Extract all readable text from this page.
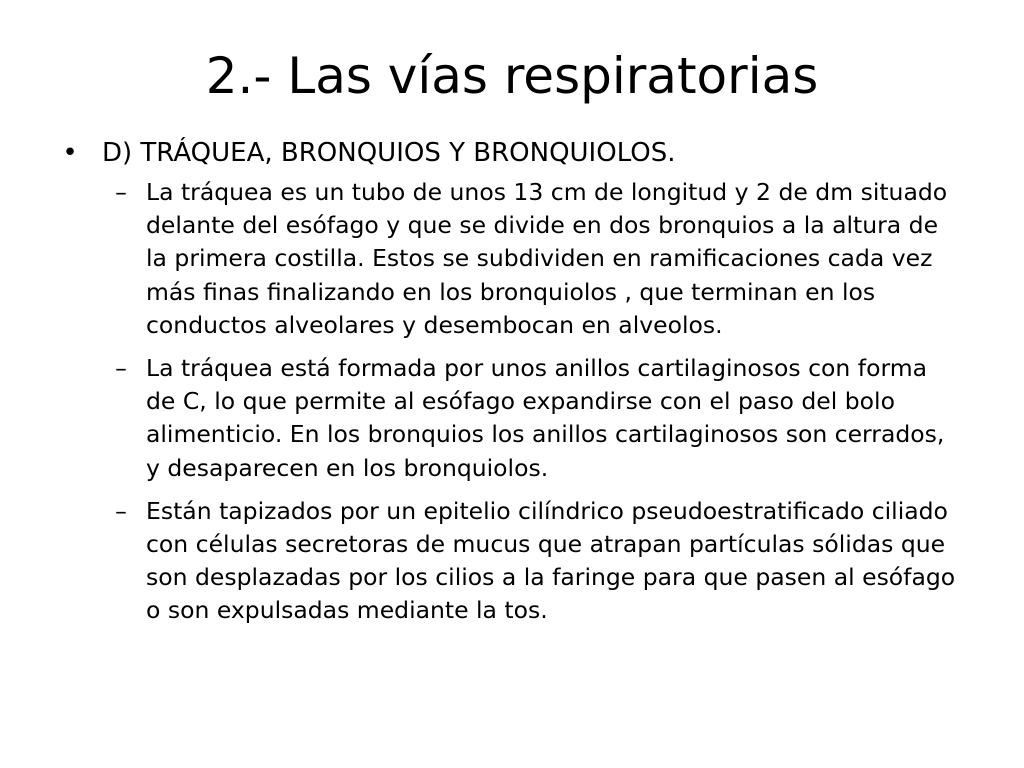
2.- Las vías respiratorias
• D) TRÁQUEA, BRONQUIOS Y BRONQUIOLOS.
– La tráquea es un tubo de unos 13 cm de longitud y 2 de dm situado delante del esófago y que se divide en dos bronquios a la altura de la primera costilla. Estos se subdividen en ramificaciones cada vez más finas finalizando en los bronquiolos , que terminan en los conductos alveolares y desembocan en alveolos.
– La tráquea está formada por unos anillos cartilaginosos con forma de C, lo que permite al esófago expandirse con el paso del bolo alimenticio. En los bronquios los anillos cartilaginosos son cerrados, y desaparecen en los bronquiolos.
– Están tapizados por un epitelio cilíndrico pseudoestratificado ciliado con células secretoras de mucus que atrapan partículas sólidas que son desplazadas por los cilios a la faringe para que pasen al esófago o son expulsadas mediante la tos.
